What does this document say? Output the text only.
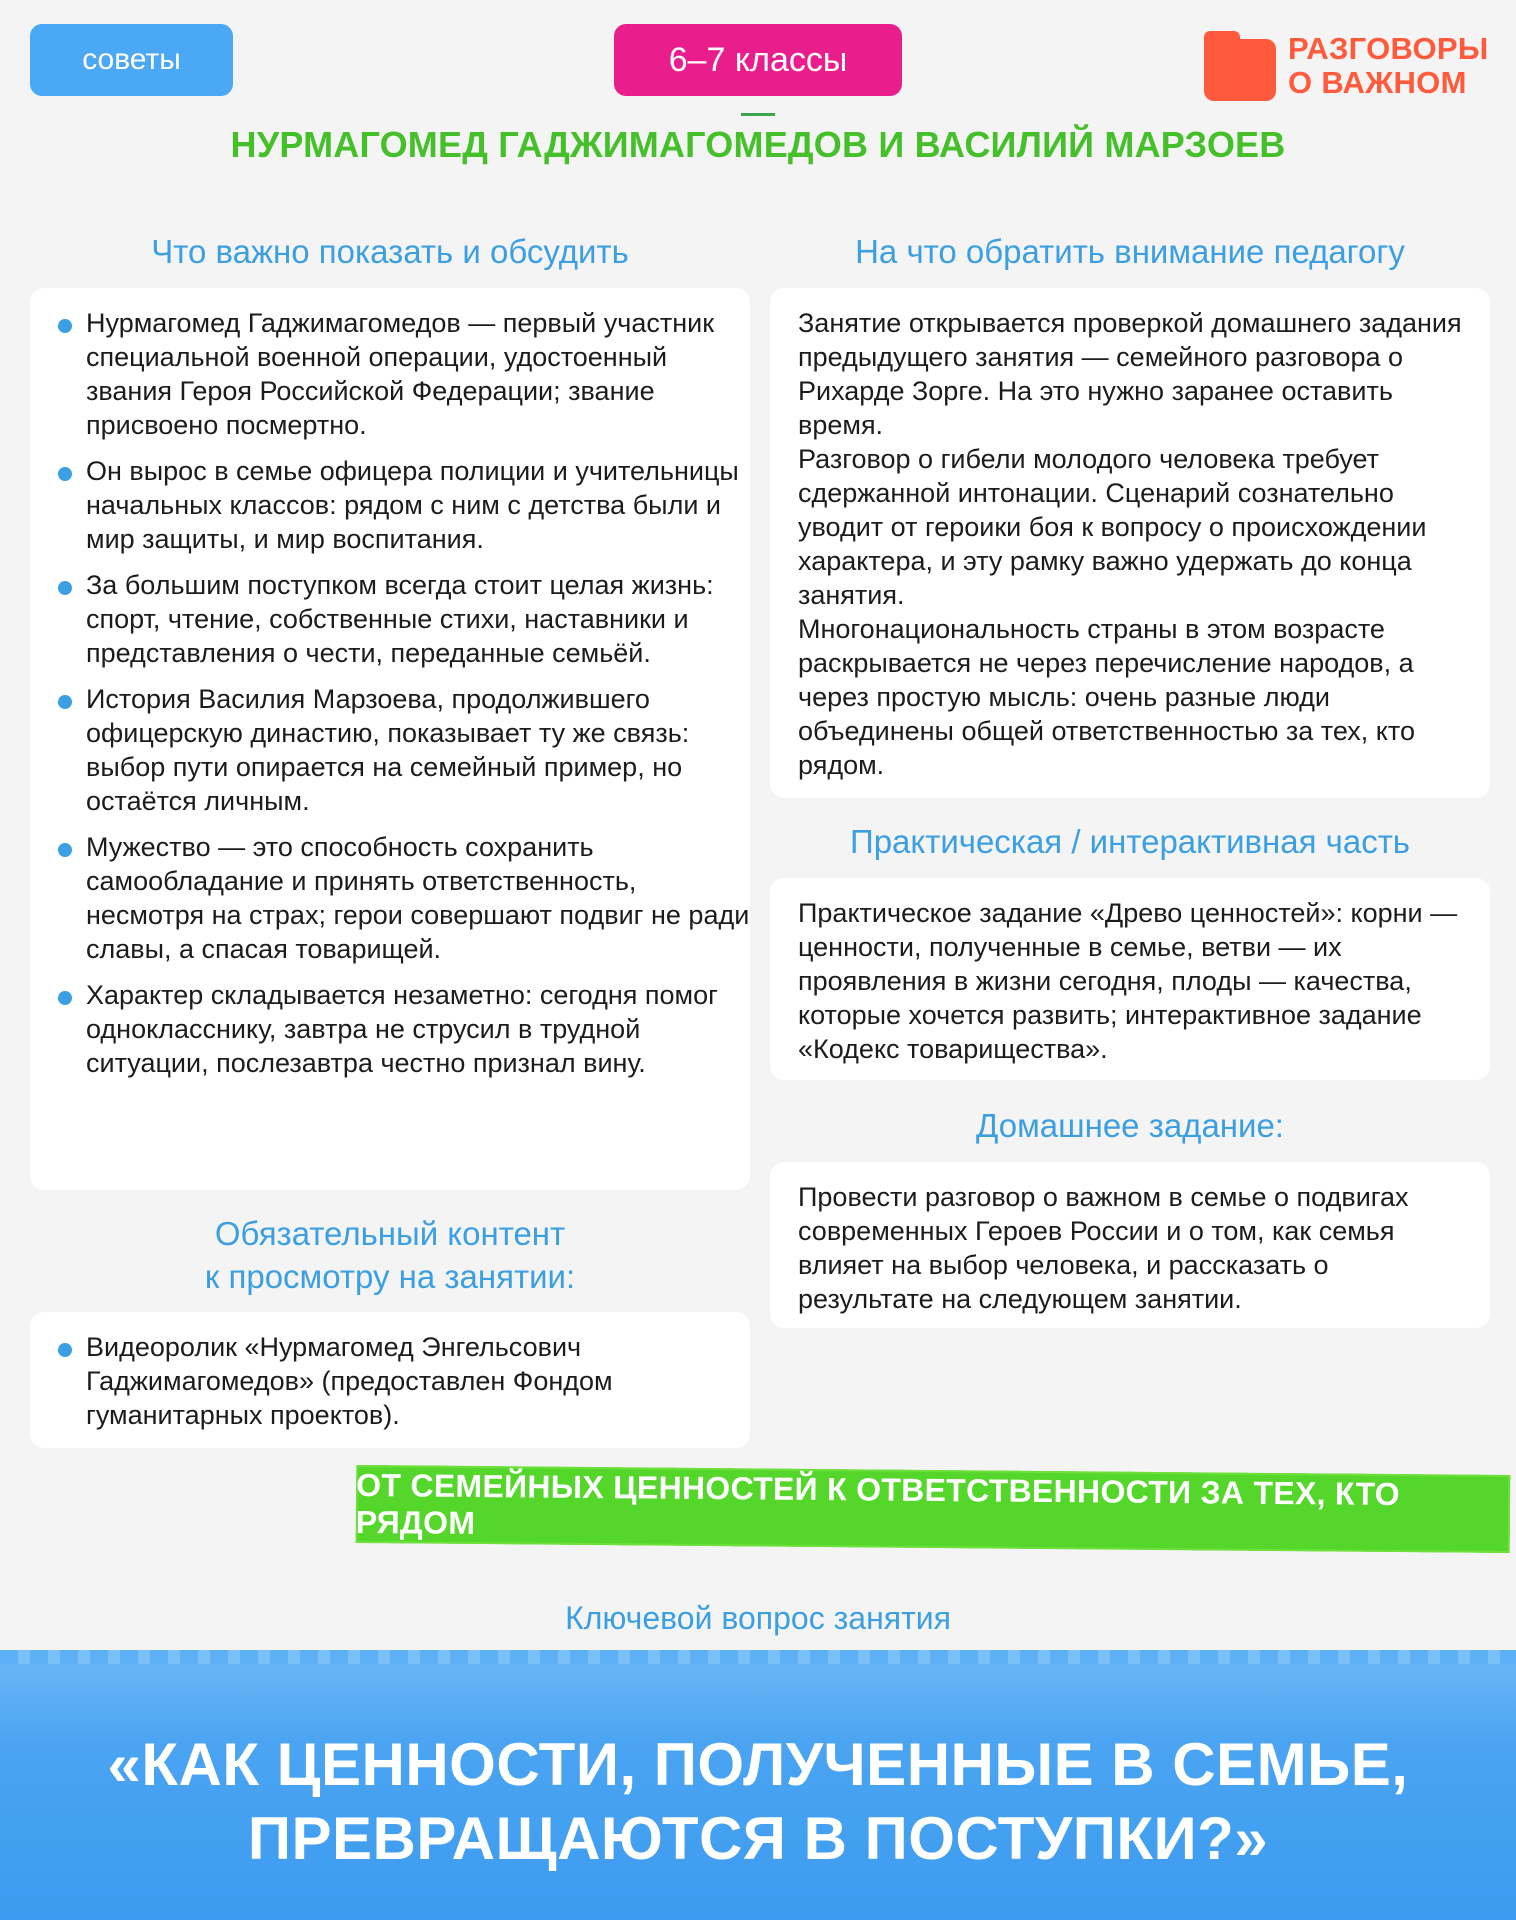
советы	6–7 классы	РАЗГОВОРЫ
О ВАЖНОМ
НУРМАГОМЕД ГАДЖИМАГОМЕДОВ И ВАСИЛИЙ МАРЗОЕВ
Что важно показать и обсудить
Нурмагомед Гаджимагомедов — первый участник специальной военной операции, удостоенный звания Героя Российской Федерации; звание присвоено посмертно.
Он вырос в семье офицера полиции и учительницы начальных классов: рядом с ним с детства были и мир защиты, и мир воспитания.
За большим поступком всегда стоит целая жизнь: спорт, чтение, собственные стихи, наставники и представления о чести, переданные семьёй.
История Василия Марзоева, продолжившего офицерскую династию, показывает ту же связь: выбор пути опирается на семейный пример, но остаётся личным.
Мужество — это способность сохранить самообладание и принять ответственность, несмотря на страх; герои совершают подвиг не ради славы, а спасая товарищей.
Характер складывается незаметно: сегодня помог однокласснику, завтра не струсил в трудной ситуации, послезавтра честно признал вину.
Обязательный контент
к просмотру на занятии:
Видеоролик «Нурмагомед Энгельсович Гаджимагомедов» (предоставлен Фондом гуманитарных проектов).
На что обратить внимание педагогу

Занятие открывается проверкой домашнего задания предыдущего занятия — семейного разговора о Рихарде Зорге. На это нужно заранее оставить время.

Разговор о гибели молодого человека требует сдержанной интонации. Сценарий сознательно уводит от героики боя к вопросу о происхождении характера, и эту рамку важно удержать до конца занятия.

Многонациональность страны в этом возрасте раскрывается не через перечисление народов, а через простую мысль: очень разные люди объединены общей ответственностью за тех, кто рядом.

Практическая / интерактивная часть

Практическое задание «Древо ценностей»: корни — ценности, полученные в семье, ветви — их проявления в жизни сегодня, плоды — качества, которые хочется развить; интерактивное задание «Кодекс товарищества».

Домашнее задание:

Провести разговор о важном в семье о подвигах современных Героев России и о том, как семья влияет на выбор человека, и рассказать о результате на следующем занятии.

ОТ СЕМЕЙНЫХ ЦЕННОСТЕЙ К ОТВЕТСТВЕННОСТИ ЗА ТЕХ, КТО РЯДОМ
Ключевой вопрос занятия
«КАК ЦЕННОСТИ, ПОЛУЧЕННЫЕ В СЕМЬЕ,
ПРЕВРАЩАЮТСЯ В ПОСТУПКИ?»
